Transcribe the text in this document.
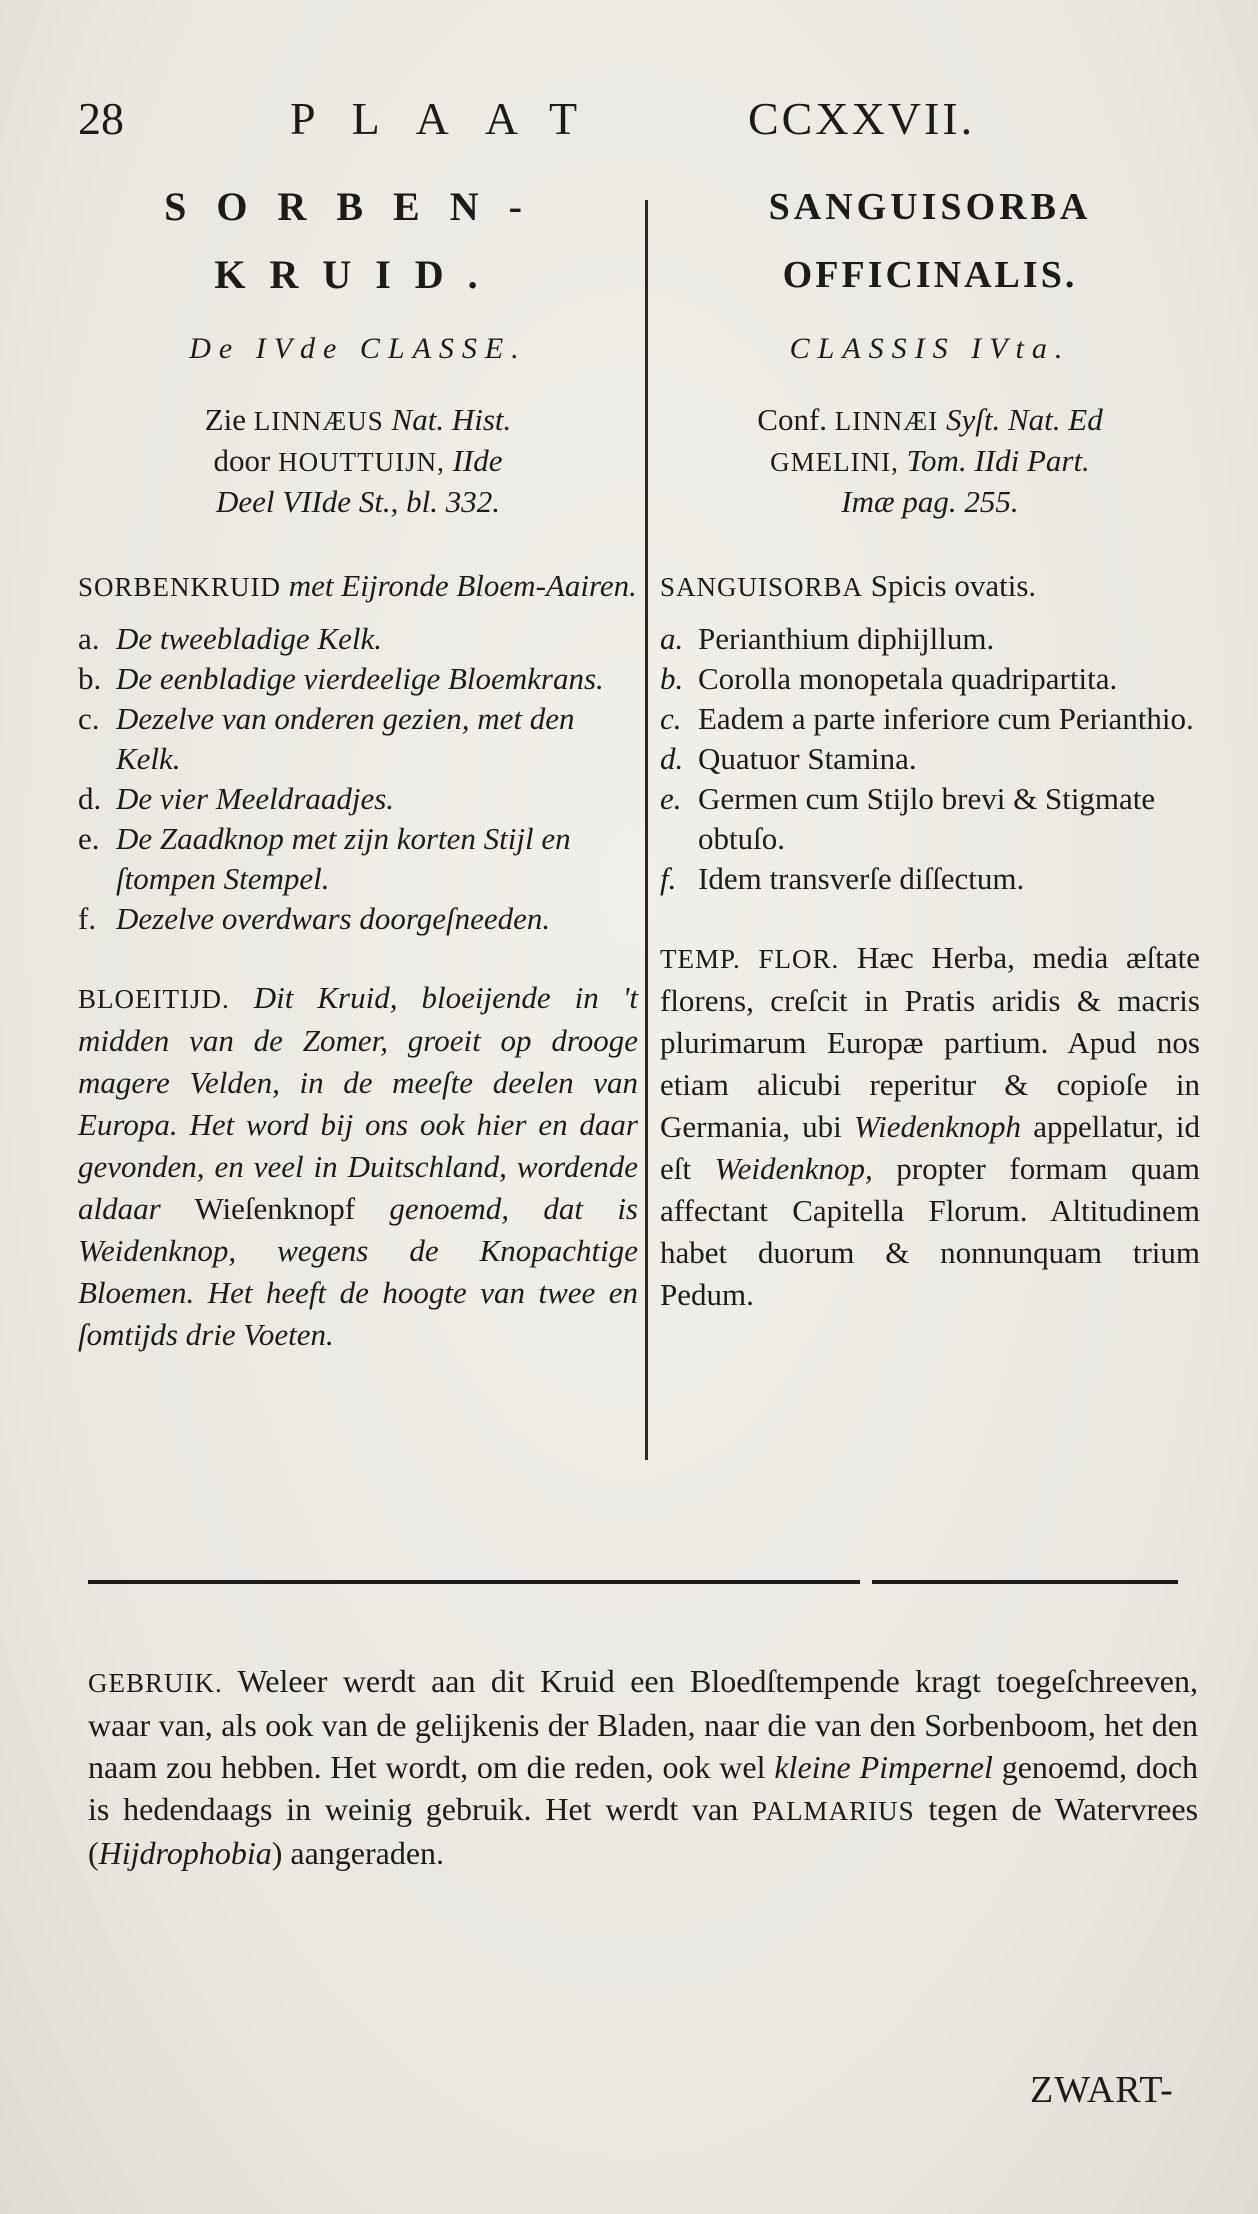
28	PLAAT	CCXXVII.
SORBEN-
KRUID.

De IVde CLASSE.

Zie LINNÆUS Nat. Hist.
door HOUTTUIJN, IIde
Deel VIIde St., bl. 332.

SORBENKRUID met Eijronde Bloem-Aairen.

a. De tweebladige Kelk.
b. De eenbladige vierdeelige Bloemkrans.
c. Dezelve van onderen gezien, met den Kelk.
d. De vier Meeldraadjes.
e. De Zaadknop met zijn korten Stijl en ſtompen Stempel.
f. Dezelve overdwars doorgeſneeden.

BLOEITIJD. Dit Kruid, bloeijende in 't midden van de Zomer, groeit op drooge magere Velden, in de meeſte deelen van Europa. Het word bij ons ook hier en daar gevonden, en veel in Duitschland, wordende aldaar Wieſenknopf genoemd, dat is Weidenknop, wegens de Knopachtige Bloemen. Het heeft de hoogte van twee en ſomtijds drie Voeten.

SANGUISORBA
OFFICINALIS.

CLASSIS IVta.

Conf. LINNÆI Syſt. Nat. Ed
GMELINI, Tom. IIdi Part.
Imæ pag. 255.

SANGUISORBA Spicis ovatis.

a. Perianthium diphijllum.
b. Corolla monopetala quadripartita.
c. Eadem a parte inferiore cum Perianthio.
d. Quatuor Stamina.
e. Germen cum Stijlo brevi & Stigmate obtuſo.
f. Idem transverſe diſſectum.

TEMP. FLOR. Hæc Herba, media æſtate florens, creſcit in Pratis aridis & macris plurimarum Europæ partium. Apud nos etiam alicubi reperitur & copioſe in Germania, ubi Wiedenknoph appellatur, id eſt Weidenknop, propter formam quam affectant Capitella Florum. Altitudinem habet duorum & nonnunquam trium Pedum.

GEBRUIK. Weleer werdt aan dit Kruid een Bloedſtempende kragt toegeſchreeven, waar van, als ook van de gelijkenis der Bladen, naar die van den Sorbenboom, het den naam zou hebben. Het wordt, om die reden, ook wel kleine Pimpernel genoemd, doch is hedendaags in weinig gebruik. Het werdt van PALMARIUS tegen de Watervrees (Hijdrophobia) aangeraden.

ZWART-
